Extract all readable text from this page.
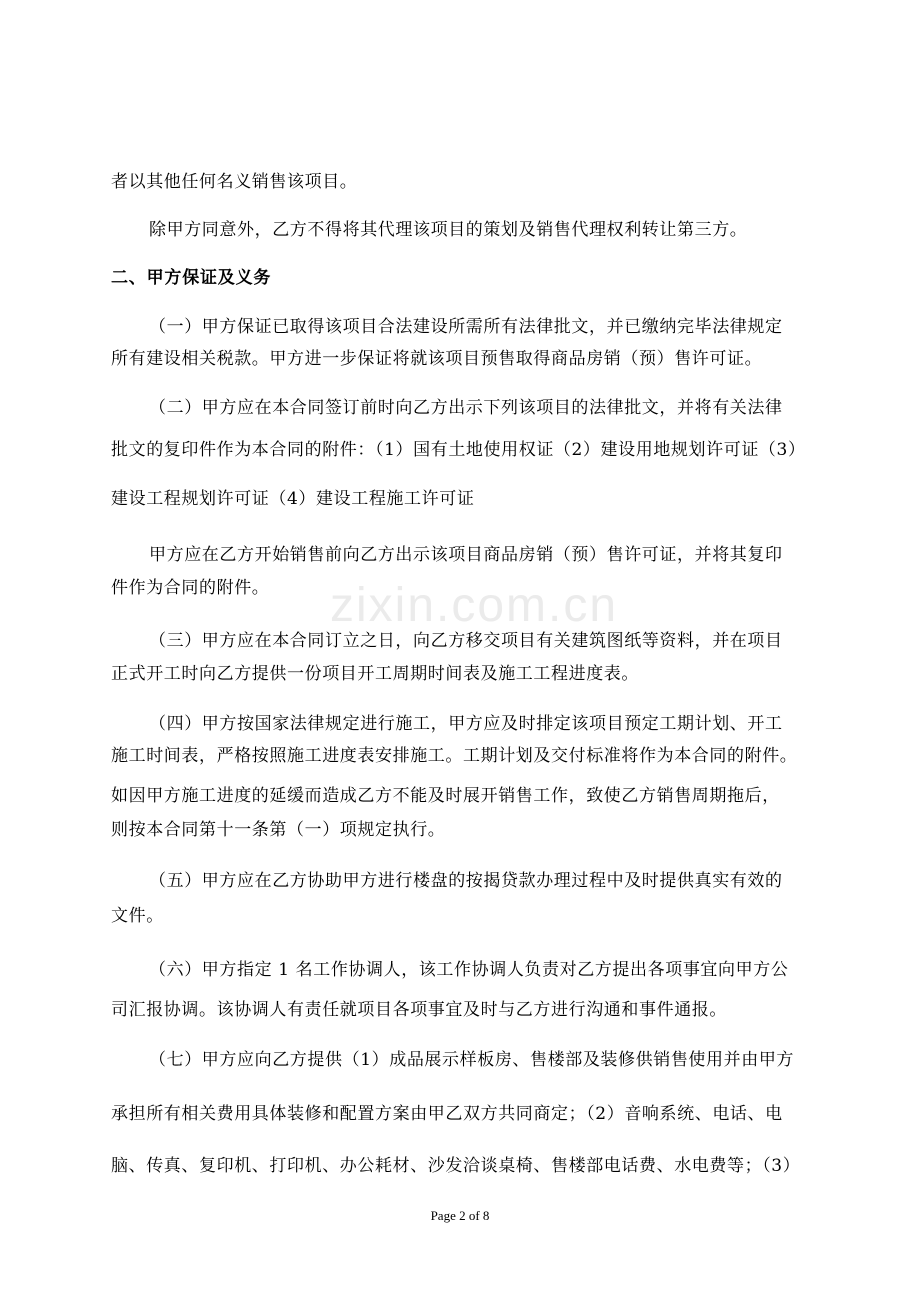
zixin.com.cn
者以其他任何名义销售该项目。
除甲方同意外，乙方不得将其代理该项目的策划及销售代理权利转让第三方。
二、甲方保证及义务
（一）甲方保证已取得该项目合法建设所需所有法律批文，并已缴纳完毕法律规定
所有建设相关税款。甲方进一步保证将就该项目预售取得商品房销（预）售许可证。
（二）甲方应在本合同签订前时向乙方出示下列该项目的法律批文，并将有关法律
批文的复印件作为本合同的附件：（1）国有土地使用权证（2）建设用地规划许可证（3）
建设工程规划许可证（4）建设工程施工许可证
甲方应在乙方开始销售前向乙方出示该项目商品房销（预）售许可证，并将其复印
件作为合同的附件。
（三）甲方应在本合同订立之日，向乙方移交项目有关建筑图纸等资料，并在项目
正式开工时向乙方提供一份项目开工周期时间表及施工工程进度表。
（四）甲方按国家法律规定进行施工，甲方应及时排定该项目预定工期计划、开工
施工时间表，严格按照施工进度表安排施工。工期计划及交付标准将作为本合同的附件。
如因甲方施工进度的延缓而造成乙方不能及时展开销售工作，致使乙方销售周期拖后，
则按本合同第十一条第（一）项规定执行。
（五）甲方应在乙方协助甲方进行楼盘的按揭贷款办理过程中及时提供真实有效的
文件。
（六）甲方指定 1 名工作协调人，该工作协调人负责对乙方提出各项事宜向甲方公
司汇报协调。该协调人有责任就项目各项事宜及时与乙方进行沟通和事件通报。
（七）甲方应向乙方提供（1）成品展示样板房、售楼部及装修供销售使用并由甲方
承担所有相关费用具体装修和配置方案由甲乙双方共同商定；（2）音响系统、电话、电
脑、传真、复印机、打印机、办公耗材、沙发洽谈桌椅、售楼部电话费、水电费等；（3）
Page 2 of 8
